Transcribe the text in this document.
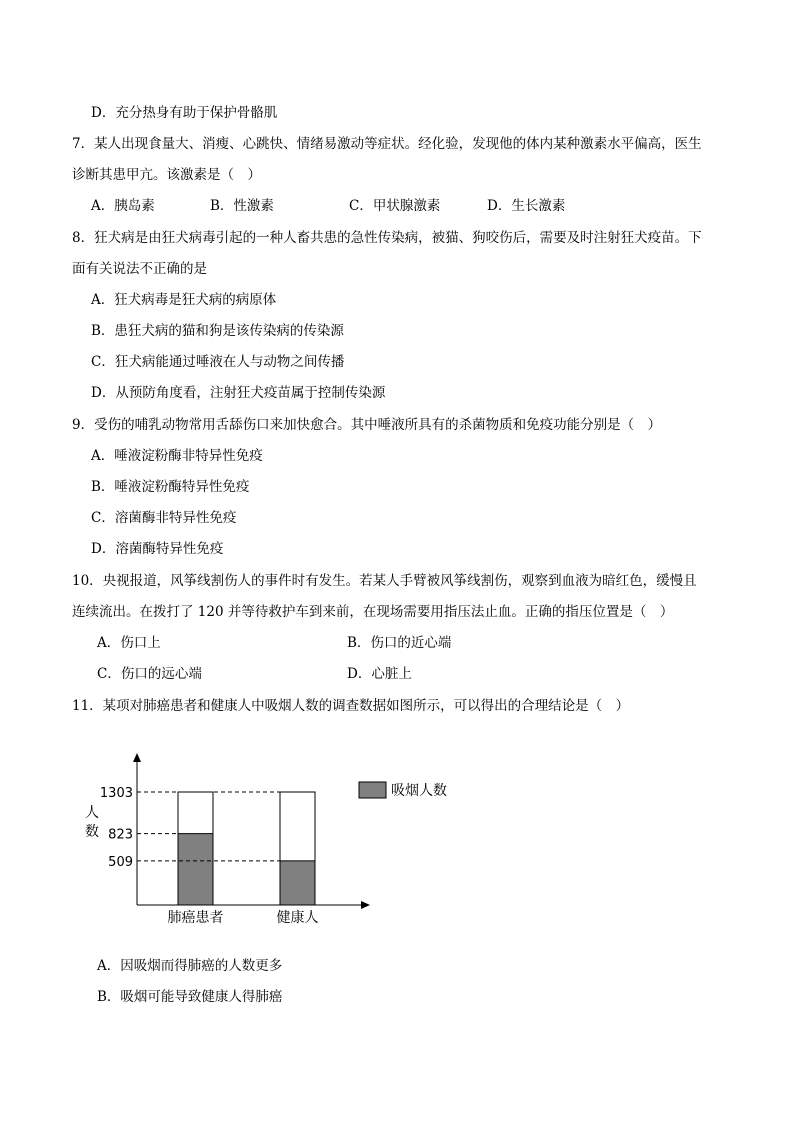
D．充分热身有助于保护骨骼肌
7．某人出现食量大、消瘦、心跳快、情绪易激动等症状。经化验，发现他的体内某种激素水平偏高，医生
诊断其患甲亢。该激素是（　）
A．胰岛素	B．性激素	C．甲状腺激素	D．生长激素
8．狂犬病是由狂犬病毒引起的一种人畜共患的急性传染病，被猫、狗咬伤后，需要及时注射狂犬疫苗。下
面有关说法不正确的是
A．狂犬病毒是狂犬病的病原体
B．患狂犬病的猫和狗是该传染病的传染源
C．狂犬病能通过唾液在人与动物之间传播
D．从预防角度看，注射狂犬疫苗属于控制传染源
9．受伤的哺乳动物常用舌舔伤口来加快愈合。其中唾液所具有的杀菌物质和免疫功能分别是（　）
A．唾液淀粉酶非特异性免疫
B．唾液淀粉酶特异性免疫
C．溶菌酶非特异性免疫
D．溶菌酶特异性免疫
10．央视报道，风筝线割伤人的事件时有发生。若某人手臂被风筝线割伤，观察到血液为暗红色，缓慢且
连续流出。在拨打了 120 并等待救护车到来前，在现场需要用指压法止血。正确的指压位置是（　）
A．伤口上	B．伤口的近心端
C．伤口的远心端	D．心脏上
11．某项对肺癌患者和健康人中吸烟人数的调查数据如图所示，可以得出的合理结论是（　）
人
数
吸烟人数
1303
823
509
肺癌患者	健康人
A．因吸烟而得肺癌的人数更多
B．吸烟可能导致健康人得肺癌
